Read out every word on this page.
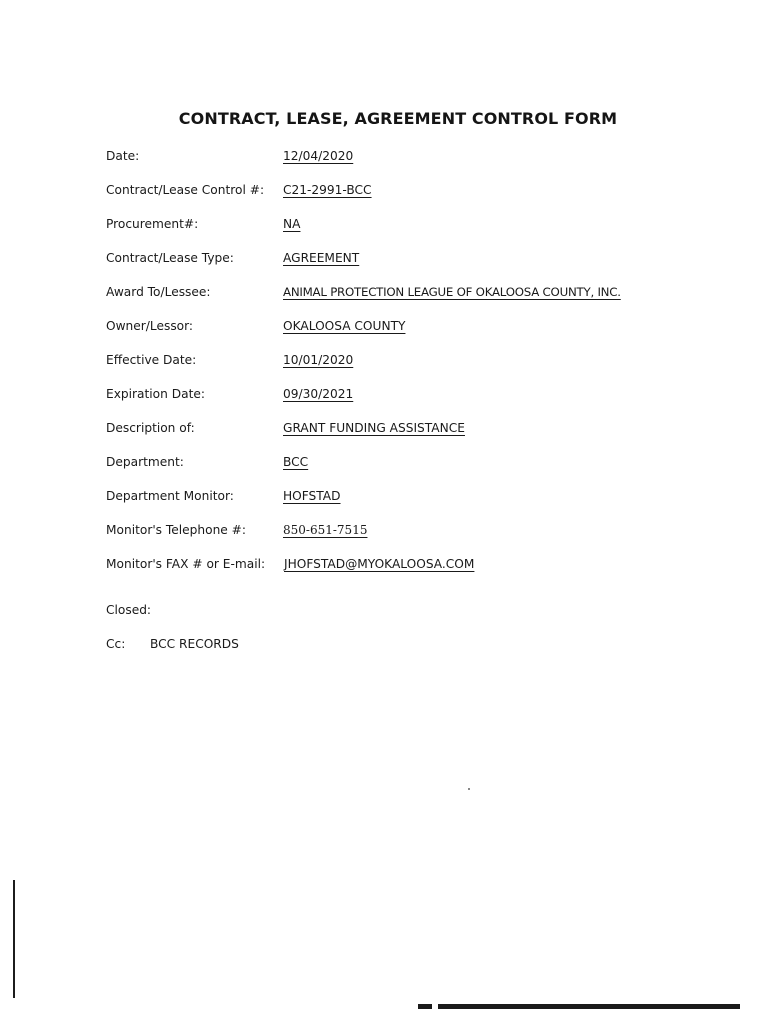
CONTRACT, LEASE, AGREEMENT CONTROL FORM
Date:	12/04/2020
Contract/Lease Control #: C21-2991-BCC
Procurement#:	NA
Contract/Lease Type:	AGREEMENT
Award To/Lessee:	ANIMAL PROTECTION LEAGUE OF OKALOOSA COUNTY, INC.
Owner/Lessor:	OKALOOSA COUNTY
Effective Date:	10/01/2020
Expiration Date:	09/30/2021
Description of:	GRANT FUNDING ASSISTANCE
Department:	BCC
Department Monitor:	HOFSTAD
Monitor's Telephone #:	850-651-7515
Monitor's FAX # or E-mail: JHOFSTAD@MYOKALOOSA.COM
Closed:
Cc: BCC RECORDS
